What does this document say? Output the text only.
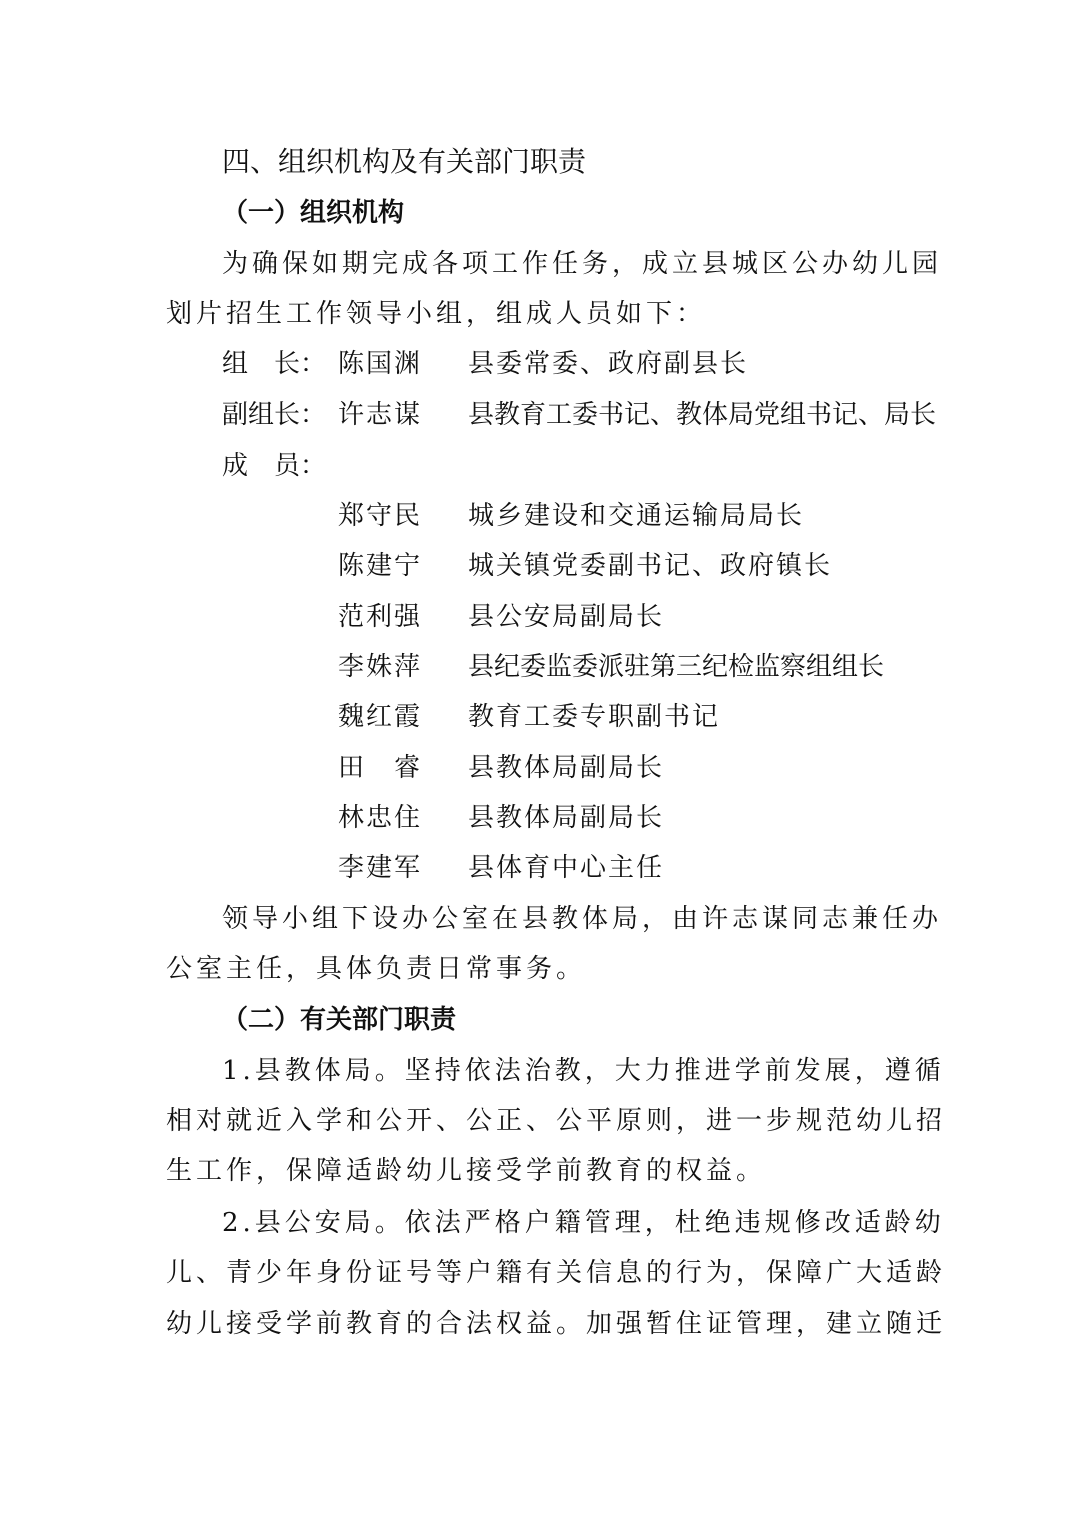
四、组织机构及有关部门职责
（一）组织机构
为确保如期完成各项工作任务，成立县城区公办幼儿园
划片招生工作领导小组，组成人员如下：
组　长： 陈国渊 县委常委、政府副县长
副组长： 许志谋 县教育工委书记、教体局党组书记、局长
成　员：
郑守民 城乡建设和交通运输局局长
陈建宁 城关镇党委副书记、政府镇长
范利强 县公安局副局长
李姝萍 县纪委监委派驻第三纪检监察组组长
魏红霞 教育工委专职副书记
田　睿 县教体局副局长
林忠住 县教体局副局长
李建军 县体育中心主任
领导小组下设办公室在县教体局，由许志谋同志兼任办
公室主任，具体负责日常事务。
（二）有关部门职责
1.县教体局。坚持依法治教，大力推进学前发展，遵循
相对就近入学和公开、公正、公平原则，进一步规范幼儿招
生工作，保障适龄幼儿接受学前教育的权益。
2.县公安局。依法严格户籍管理，杜绝违规修改适龄幼
儿、青少年身份证号等户籍有关信息的行为，保障广大适龄
幼儿接受学前教育的合法权益。加强暂住证管理，建立随迁
